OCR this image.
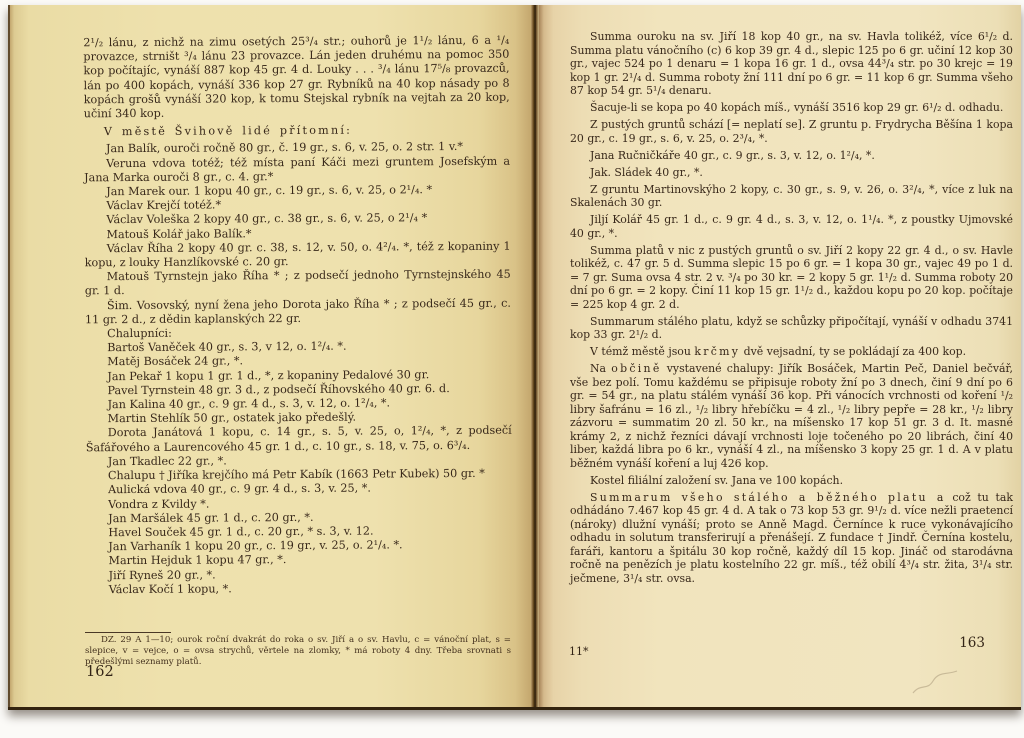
2¹/₂ lánu, z nichž na zimu osetých 25³/₄ str.; ouhorů je 1¹/₂ lánu, 6 a ¹/₄ provazce, strništ ³/₄ lánu 23 provazce. Lán jeden druhému na pomoc 350 kop počítajíc, vynáší 887 kop 45 gr. 4 d. Louky . . . ³/₄ lánu 17⁵/₈ provazců, lán po 400 kopách, vynáší 336 kop 27 gr. Rybníků na 40 kop násady po 8 kopách grošů vynáší 320 kop, k tomu Stejskal rybník na vejtah za 20 kop, učiní 340 kop.

V městě Švihově lidé přítomní:

Jan Balík, ouroči ročně 80 gr., č. 19 gr., s. 6, v. 25, o. 2 str. 1 v.*

Veruna vdova totéž; též místa paní Káči mezi gruntem Josefským a Jana Marka ouroči 8 gr., c. 4. gr.*

Jan Marek our. 1 kopu 40 gr., c. 19 gr., s. 6, v. 25, o 2¹/₄. *

Václav Krejčí totéž.*

Václav Voleška 2 kopy 40 gr., c. 38 gr., s. 6, v. 25, o 2¹/₄ *

Matouš Kolář jako Balík.*

Václav Říha 2 kopy 40 gr. c. 38, s. 12, v. 50, o. 4²/₄. *, též z kopaniny 1 kopu, z louky Hanzlíkovské c. 20 gr.

Matouš Tyrnstejn jako Říha * ; z podsečí jednoho Tyrnstejnského 45 gr. 1 d.

Šim. Vosovský, nyní žena jeho Dorota jako Říha * ; z podsečí 45 gr., c. 11 gr. 2 d., z dědin kaplanských 22 gr.

Chalupníci:

Bartoš Vaněček 40 gr., s. 3, v 12, o. 1²/₄. *.

Matěj Bosáček 24 gr., *.

Jan Pekař 1 kopu 1 gr. 1 d., *, z kopaniny Pedalové 30 gr.

Pavel Tyrnstein 48 gr. 3 d., z podsečí Říhovského 40 gr. 6. d.

Jan Kalina 40 gr., c. 9 gr. 4 d., s. 3, v. 12, o. 1²/₄, *.

Martin Stehlík 50 gr., ostatek jako předešlý.

Dorota Janátová 1 kopu, c. 14 gr., s. 5, v. 25, o, 1²/₄, *, z podsečí Šafářového a Laurencového 45 gr. 1 d., c. 10 gr., s. 18, v. 75, o. 6³/₄.

Jan Tkadlec 22 gr., *.

Chalupu † Jiříka krejčího má Petr Kabík (1663 Petr Kubek) 50 gr. *

Aulická vdova 40 gr., c. 9 gr. 4 d., s. 3, v. 25, *.

Vondra z Kvildy *.

Jan Maršálek 45 gr. 1 d., c. 20 gr., *.

Havel Souček 45 gr. 1 d., c. 20 gr., * s. 3, v. 12.

Jan Varhaník 1 kopu 20 gr., c. 19 gr., v. 25, o. 2¹/₄. *.

Martin Hejduk 1 kopu 47 gr., *.

Jiří Ryneš 20 gr., *.

Václav Kočí 1 kopu, *.

DZ. 29 A 1—10; ourok roční dvakrát do roka o sv. Jiří a o sv. Havlu, c = vánoční plat, s = slepice, v = vejce, o = ovsa strychů, věrtele na zlomky, * má roboty 4 dny. Třeba srovnati s předešlými seznamy platů.

162

Summa ouroku na sv. Jiří 18 kop 40 gr., na sv. Havla tolikéž, více 6¹/₂ d. Summa platu vánočního (c) 6 kop 39 gr. 4 d., slepic 125 po 6 gr. učiní 12 kop 30 gr., vajec 524 po 1 denaru = 1 kopa 16 gr. 1 d., ovsa 44³/₄ str. po 30 krejc = 19 kop 1 gr. 2¹/₄ d. Summa roboty žní 111 dní po 6 gr. = 11 kop 6 gr. Summa všeho 87 kop 54 gr. 5¹/₄ denaru.

Šacuje-li se kopa po 40 kopách míš., vynáší 3516 kop 29 gr. 6¹/₂ d. odhadu.

Z pustých gruntů schází [= neplatí se]. Z gruntu p. Frydrycha Běšína 1 kopa 20 gr., c. 19 gr., s. 6, v. 25, o. 2³/₄, *.

Jana Ručničkáře 40 gr., c. 9 gr., s. 3, v. 12, o. 1²/₄, *.

Jak. Sládek 40 gr., *.

Z gruntu Martinovskýho 2 kopy, c. 30 gr., s. 9, v. 26, o. 3²/₄, *, více z luk na Skalenách 30 gr.

Jiljí Kolář 45 gr. 1 d., c. 9 gr. 4 d., s. 3, v. 12, o. 1¹/₄. *, z poustky Ujmovské 40 gr., *.

Summa platů v nic z pustých gruntů o sv. Jiří 2 kopy 22 gr. 4 d., o sv. Havle tolikéž, c. 47 gr. 5 d. Summa slepic 15 po 6 gr. = 1 kopa 30 gr., vajec 49 po 1 d. = 7 gr. Suma ovsa 4 str. 2 v. ³/₄ po 30 kr. = 2 kopy 5 gr. 1¹/₂ d. Summa roboty 20 dní po 6 gr. = 2 kopy. Činí 11 kop 15 gr. 1¹/₂ d., každou kopu po 20 kop. počítaje = 225 kop 4 gr. 2 d.

Summarum stálého platu, když se schůzky připočítají, vynáší v odhadu 3741 kop 33 gr. 2¹/₂ d.

V témž městě jsou krčmy dvě vejsadní, ty se pokládají za 400 kop.

Na občině vystavené chalupy: Jiřík Bosáček, Martin Peč, Daniel bečvář, vše bez polí. Tomu každému se připisuje roboty žní po 3 dnech, činí 9 dní po 6 gr. = 54 gr., na platu stálém vynáší 36 kop. Při vánocích vrchnosti od koření ¹/₂ libry šafránu = 16 zl., ¹/₂ libry hřebíčku = 4 zl., ¹/₂ libry pepře = 28 kr., ¹/₂ libry zázvoru = summatim 20 zl. 50 kr., na míšensko 17 kop 51 gr. 3 d. It. masné krámy 2, z nichž řezníci dávají vrchnosti loje točeného po 20 librách, činí 40 liber, každá libra po 6 kr., vynáší 4 zl., na míšensko 3 kopy 25 gr. 1 d. A v platu běžném vynáší koření a luj 426 kop.

Kostel filiální založení sv. Jana ve 100 kopách.

Summarum všeho stálého a běžného platu a což tu tak odhádáno 7.467 kop 45 gr. 4 d. A tak o 73 kop 53 gr. 9¹/₂ d. více nežli praetencí (nároky) dlužní vynáší; proto se Anně Magd. Černínce k ruce vykonávajícího odhadu in solutum transferirují a přenášejí. Z fundace † Jindř. Černína kostelu, faráři, kantoru a špitálu 30 kop ročně, každý díl 15 kop. Jináč od starodávna ročně na penězích je platu kostelního 22 gr. míš., též obilí 4³/₄ str. žita, 3¹/₄ str. ječmene, 3¹/₄ str. ovsa.

11*
163
